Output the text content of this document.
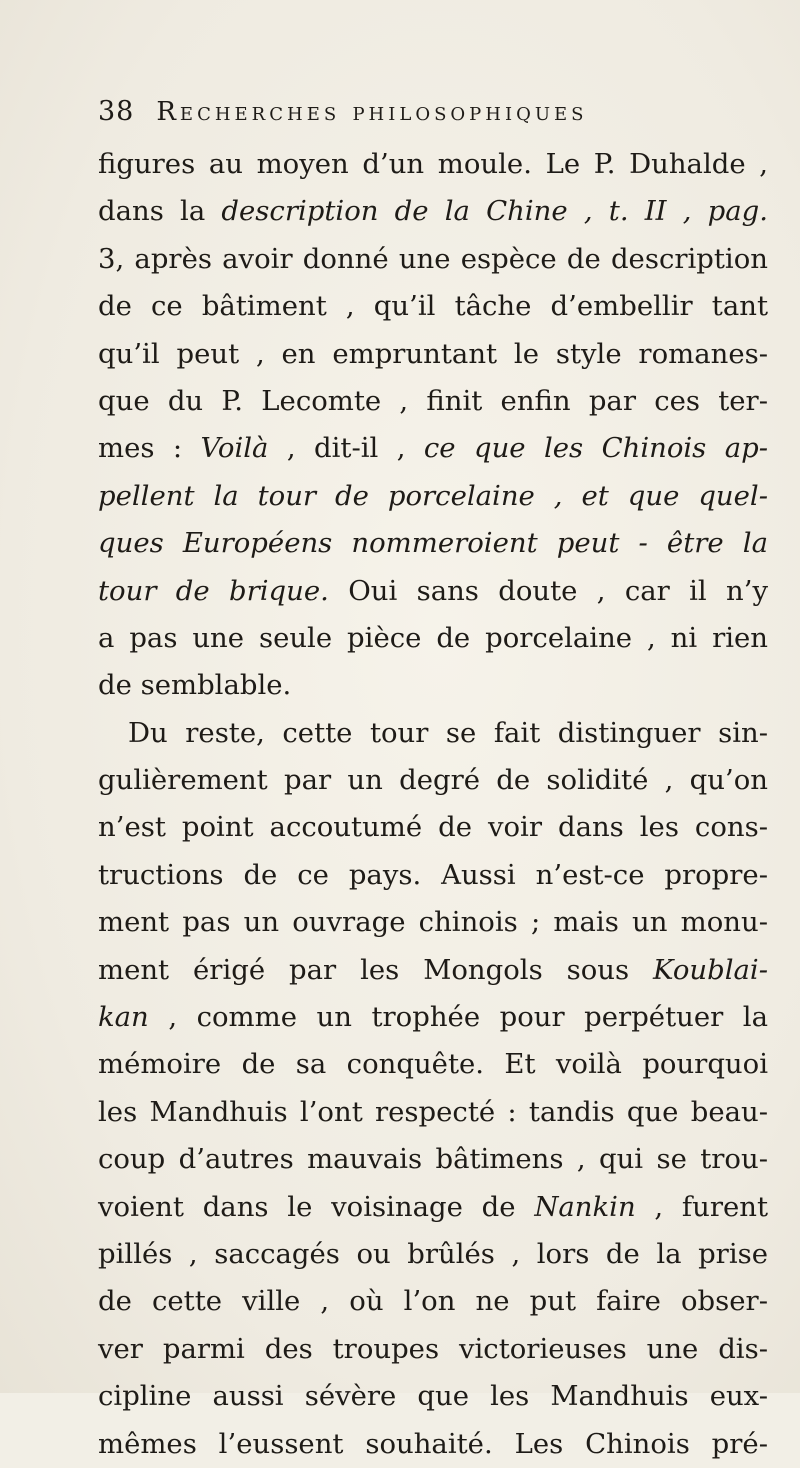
38 Recherches philosophiques
figures au moyen d’un moule. Le P. Duhalde ,
dans la description de la Chine , t. II , pag.
3, après avoir donné une espèce de description
de ce bâtiment , qu’il tâche d’embellir tant
qu’il peut , en empruntant le style romanes-
que du P. Lecomte , finit enfin par ces ter-
mes : Voilà , dit-il , ce que les Chinois ap-
pellent la tour de porcelaine , et que quel-
ques Européens nommeroient peut - être la
tour de brique. Oui sans doute , car il n’y
a pas une seule pièce de porcelaine , ni rien
de semblable.
Du reste, cette tour se fait distinguer sin-
gulièrement par un degré de solidité , qu’on
n’est point accoutumé de voir dans les cons-
tructions de ce pays. Aussi n’est-ce propre-
ment pas un ouvrage chinois ; mais un monu-
ment érigé par les Mongols sous Koublai-
kan , comme un trophée pour perpétuer la
mémoire de sa conquête. Et voilà pourquoi
les Mandhuis l’ont respecté : tandis que beau-
coup d’autres mauvais bâtimens , qui se trou-
voient dans le voisinage de Nankin , furent
pillés , saccagés ou brûlés , lors de la prise
de cette ville , où l’on ne put faire obser-
ver parmi des troupes victorieuses une dis-
cipline aussi sévère que les Mandhuis eux-
mêmes l’eussent souhaité. Les Chinois pré-
